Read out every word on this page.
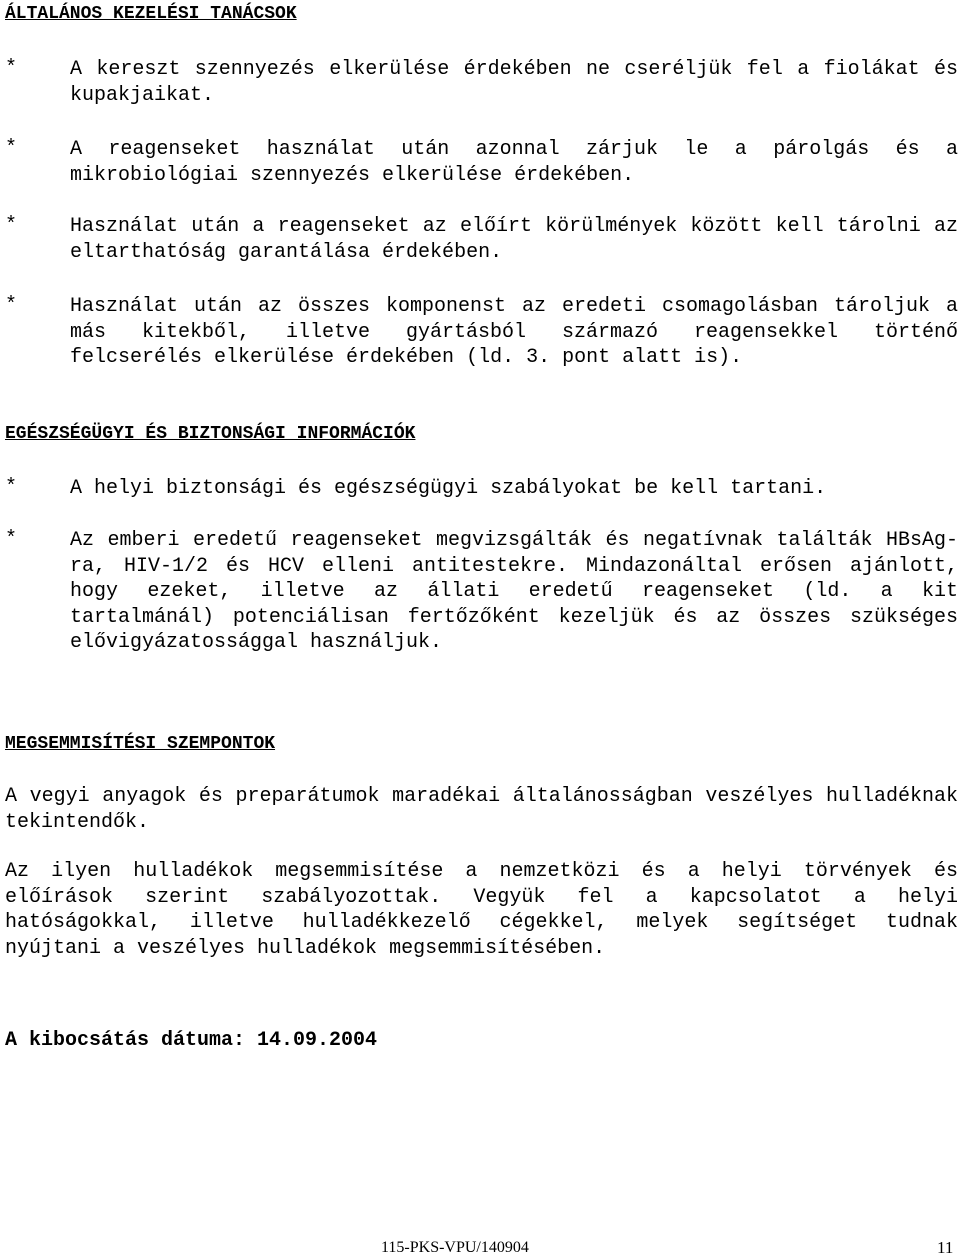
ÁLTALÁNOS KEZELÉSI TANÁCSOK
*	A kereszt szennyezés elkerülése érdekében ne cseréljük fel a fiolákat és kupakjaikat.
*	A reagenseket használat után azonnal zárjuk le a párolgás és a mikrobiológiai szennyezés elkerülése érdekében.
*	Használat után a reagenseket az előírt körülmények között kell tárolni az eltarthatóság garantálása érdekében.
*	Használat után az összes komponenst az eredeti csomagolásban tároljuk a más kitekből, illetve gyártásból származó reagensekkel történő felcserélés elkerülése érdekében (ld. 3. pont alatt is).
EGÉSZSÉGÜGYI ÉS BIZTONSÁGI INFORMÁCIÓK
*	A helyi biztonsági és egészségügyi szabályokat be kell tartani.
*	Az emberi eredetű reagenseket megvizsgálták és negatívnak találták HBsAg-ra, HIV-1/2 és HCV elleni antitestekre. Mindazonáltal erősen ajánlott, hogy ezeket, illetve az állati eredetű reagenseket (ld. a kit tartalmánál) potenciálisan fertőzőként kezeljük és az összes szükséges elővigyázatossággal használjuk.
MEGSEMMISÍTÉSI SZEMPONTOK
A vegyi anyagok és preparátumok maradékai általánosságban veszélyes hulladéknak tekintendők.
Az ilyen hulladékok megsemmisítése a nemzetközi és a helyi törvények és előírások szerint szabályozottak. Vegyük fel a kapcsolatot a helyi hatóságokkal, illetve hulladékkezelő cégekkel, melyek segítséget tudnak nyújtani a veszélyes hulladékok megsemmisítésében.
A kibocsátás dátuma: 14.09.2004
115-PKS-VPU/140904	11
